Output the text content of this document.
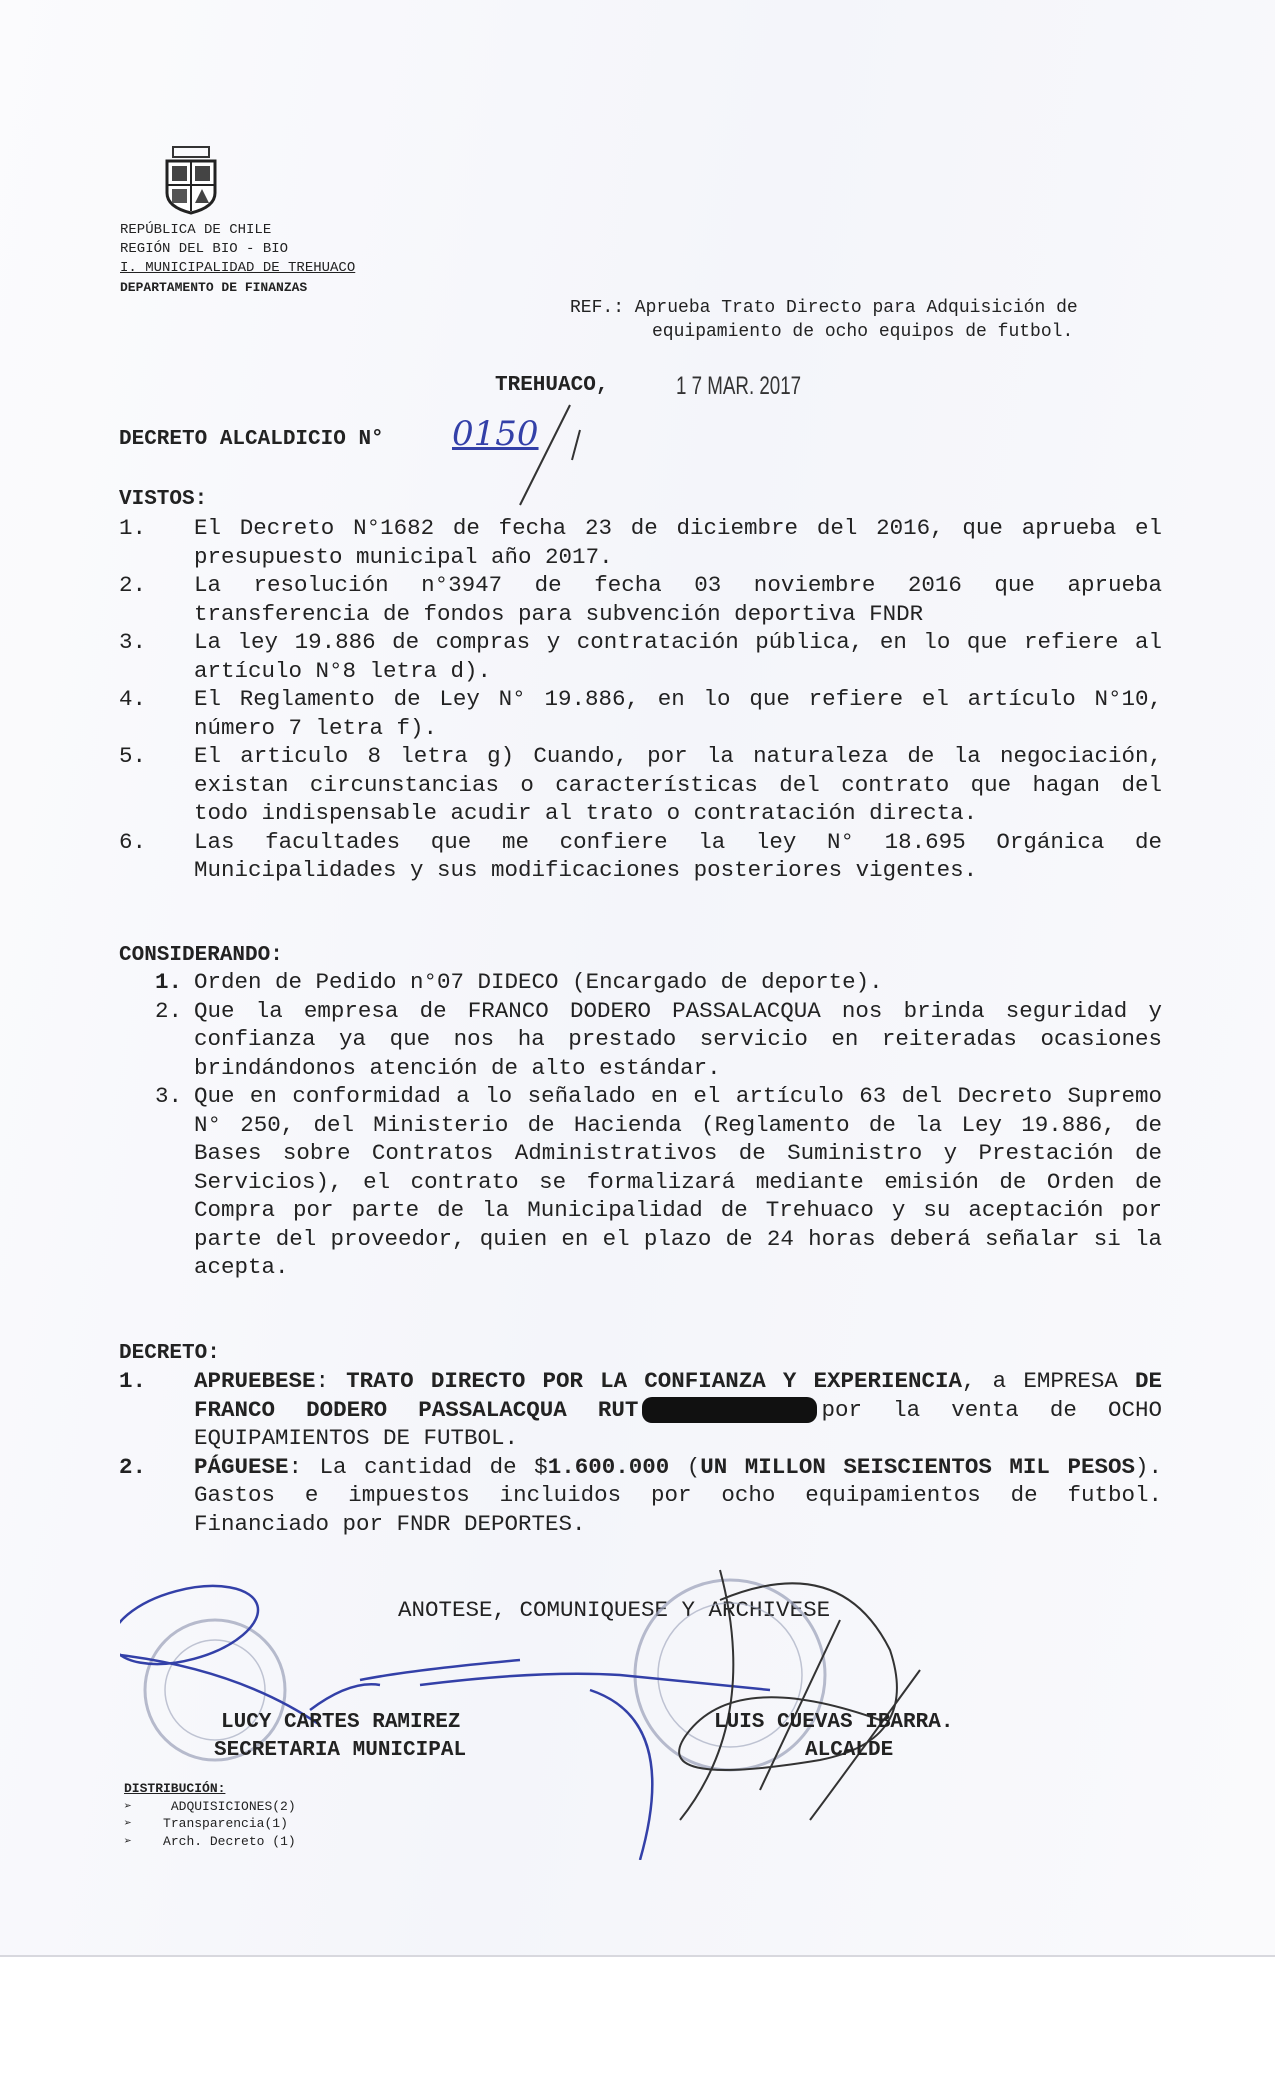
REPÚBLICA DE CHILE
REGIÓN DEL BIO - BIO
I. MUNICIPALIDAD DE TREHUACO
DEPARTAMENTO DE FINANZAS
REF.: Aprueba Trato Directo para Adquisición de
equipamiento de ocho equipos de futbol.
TREHUACO,	1 7 MAR. 2017
DECRETO ALCALDICIO N° 0150
VISTOS:
1.	El Decreto N°1682 de fecha 23 de diciembre del 2016, que aprueba el presupuesto municipal año 2017.
2.	La resolución n°3947 de fecha 03 noviembre 2016 que aprueba transferencia de fondos para subvención deportiva FNDR
3.	La ley 19.886 de compras y contratación pública, en lo que refiere al artículo N°8 letra d).
4.	El Reglamento de Ley N° 19.886, en lo que refiere el artículo N°10, número 7 letra f).
5.	El articulo 8 letra g) Cuando, por la naturaleza de la negociación, existan circunstancias o características del contrato que hagan del todo indispensable acudir al trato o contratación directa.
6.	Las facultades que me confiere la ley N° 18.695 Orgánica de Municipalidades y sus modificaciones posteriores vigentes.
CONSIDERANDO:
1. Orden de Pedido n°07 DIDECO (Encargado de deporte).
2. Que la empresa de FRANCO DODERO PASSALACQUA nos brinda seguridad y confianza ya que nos ha prestado servicio en reiteradas ocasiones brindándonos atención de alto estándar.
3. Que en conformidad a lo señalado en el artículo 63 del Decreto Supremo N° 250, del Ministerio de Hacienda (Reglamento de la Ley 19.886, de Bases sobre Contratos Administrativos de Suministro y Prestación de Servicios), el contrato se formalizará mediante emisión de Orden de Compra por parte de la Municipalidad de Trehuaco y su aceptación por parte del proveedor, quien en el plazo de 24 horas deberá señalar si la acepta.
DECRETO:
1.	APRUEBESE: TRATO DIRECTO POR LA CONFIANZA Y EXPERIENCIA, a EMPRESA DE FRANCO DODERO PASSALACQUA RUT	por la venta de OCHO EQUIPAMIENTOS DE FUTBOL.
2.	PÁGUESE: La cantidad de $1.600.000 (UN MILLON SEISCIENTOS MIL PESOS). Gastos e impuestos incluidos por ocho equipamientos de futbol. Financiado por FNDR DEPORTES.
ANOTESE, COMUNIQUESE Y ARCHIVESE
LUCY CARTES RAMIREZ
SECRETARIA MUNICIPAL
LUIS CUEVAS IBARRA.
ALCALDE
DISTRIBUCIÓN:
➢	ADQUISICIONES(2)
➢ Transparencia(1)
➢ Arch. Decreto (1)
